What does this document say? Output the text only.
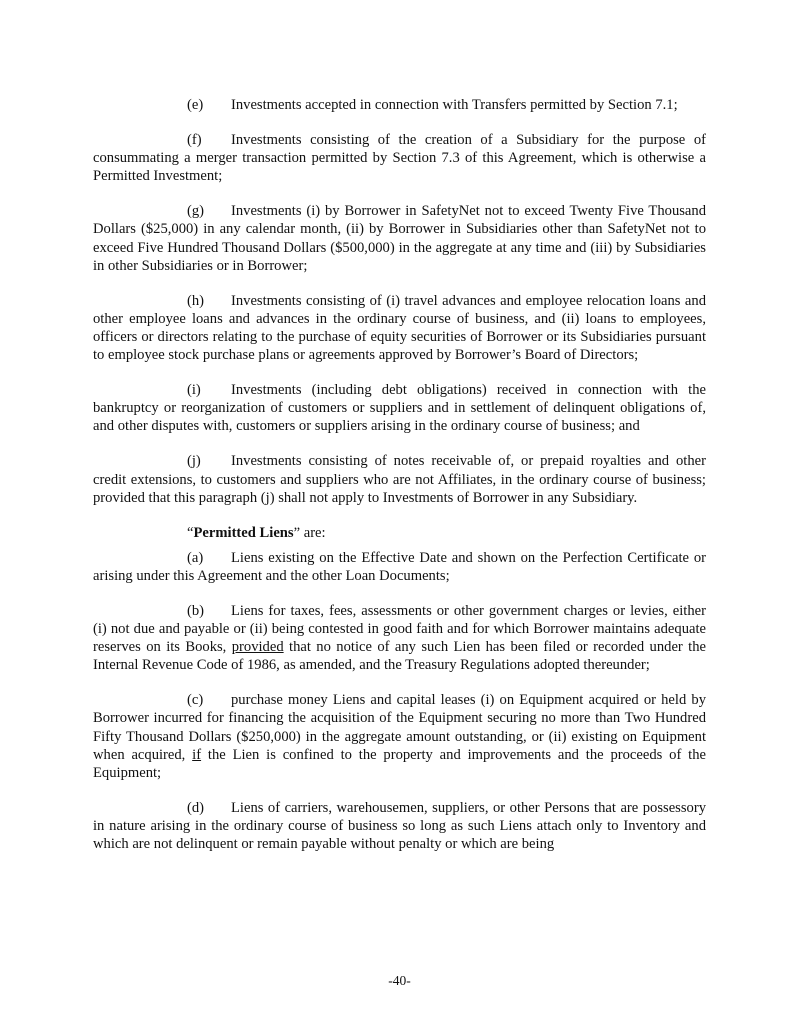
(e) Investments accepted in connection with Transfers permitted by Section 7.1;

(f) Investments consisting of the creation of a Subsidiary for the purpose of consummating a merger transaction permitted by Section 7.3 of this Agreement, which is otherwise a Permitted Investment;

(g) Investments (i) by Borrower in SafetyNet not to exceed Twenty Five Thousand Dollars ($25,000) in any calendar month, (ii) by Borrower in Subsidiaries other than SafetyNet not to exceed Five Hundred Thousand Dollars ($500,000) in the aggregate at any time and (iii) by Subsidiaries in other Subsidiaries or in Borrower;

(h) Investments consisting of (i) travel advances and employee relocation loans and other employee loans and advances in the ordinary course of business, and (ii) loans to employees, officers or directors relating to the purchase of equity securities of Borrower or its Subsidiaries pursuant to employee stock purchase plans or agreements approved by Borrower’s Board of Directors;

(i) Investments (including debt obligations) received in connection with the bankruptcy or reorganization of customers or suppliers and in settlement of delinquent obligations of, and other disputes with, customers or suppliers arising in the ordinary course of business; and

(j) Investments consisting of notes receivable of, or prepaid royalties and other credit extensions, to customers and suppliers who are not Affiliates, in the ordinary course of business; provided that this paragraph (j) shall not apply to Investments of Borrower in any Subsidiary.

“Permitted Liens” are:

(a) Liens existing on the Effective Date and shown on the Perfection Certificate or arising under this Agreement and the other Loan Documents;

(b) Liens for taxes, fees, assessments or other government charges or levies, either (i) not due and payable or (ii) being contested in good faith and for which Borrower maintains adequate reserves on its Books, provided that no notice of any such Lien has been filed or recorded under the Internal Revenue Code of 1986, as amended, and the Treasury Regulations adopted thereunder;

(c) purchase money Liens and capital leases (i) on Equipment acquired or held by Borrower incurred for financing the acquisition of the Equipment securing no more than Two Hundred Fifty Thousand Dollars ($250,000) in the aggregate amount outstanding, or (ii) existing on Equipment when acquired, if the Lien is confined to the property and improvements and the proceeds of the Equipment;

(d) Liens of carriers, warehousemen, suppliers, or other Persons that are possessory in nature arising in the ordinary course of business so long as such Liens attach only to Inventory and which are not delinquent or remain payable without penalty or which are being

-40-
